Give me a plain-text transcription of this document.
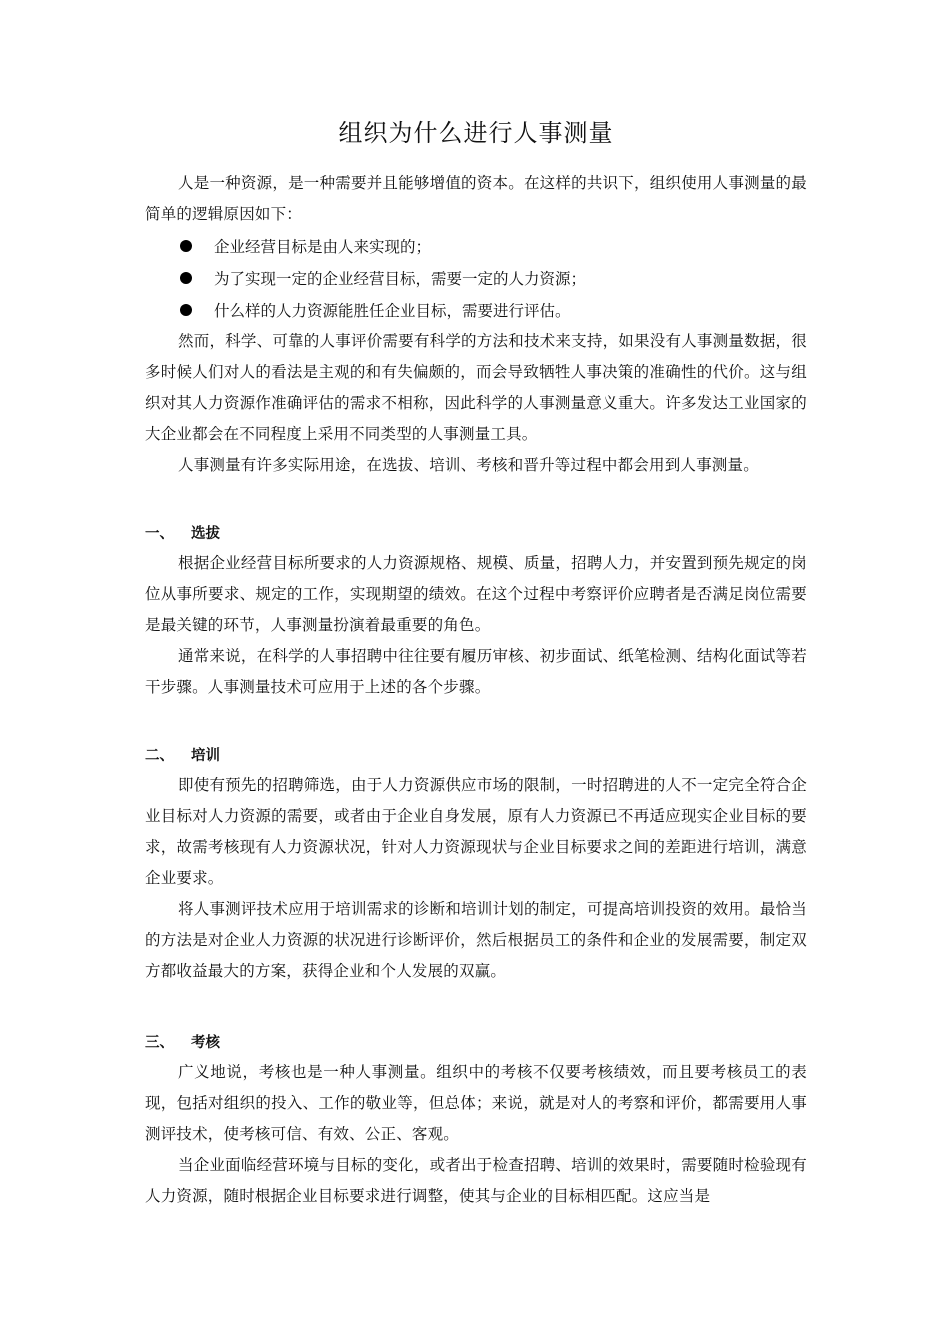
组织为什么进行人事测量

人是一种资源，是一种需要并且能够增值的资本。在这样的共识下，组织使用人事测量的最简单的逻辑原因如下：

企业经营目标是由人来实现的；
为了实现一定的企业经营目标，需要一定的人力资源；
什么样的人力资源能胜任企业目标，需要进行评估。

然而，科学、可靠的人事评价需要有科学的方法和技术来支持，如果没有人事测量数据，很多时候人们对人的看法是主观的和有失偏颇的，而会导致牺牲人事决策的准确性的代价。这与组织对其人力资源作准确评估的需求不相称，因此科学的人事测量意义重大。许多发达工业国家的大企业都会在不同程度上采用不同类型的人事测量工具。

人事测量有许多实际用途，在选拔、培训、考核和晋升等过程中都会用到人事测量。

一、	选拔

根据企业经营目标所要求的人力资源规格、规模、质量，招聘人力，并安置到预先规定的岗位从事所要求、规定的工作，实现期望的绩效。在这个过程中考察评价应聘者是否满足岗位需要是最关键的环节，人事测量扮演着最重要的角色。

通常来说，在科学的人事招聘中往往要有履历审核、初步面试、纸笔检测、结构化面试等若干步骤。人事测量技术可应用于上述的各个步骤。

二、	培训

即使有预先的招聘筛选，由于人力资源供应市场的限制，一时招聘进的人不一定完全符合企业目标对人力资源的需要，或者由于企业自身发展，原有人力资源已不再适应现实企业目标的要求，故需考核现有人力资源状况，针对人力资源现状与企业目标要求之间的差距进行培训，满意企业要求。

将人事测评技术应用于培训需求的诊断和培训计划的制定，可提高培训投资的效用。最恰当的方法是对企业人力资源的状况进行诊断评价，然后根据员工的条件和企业的发展需要，制定双方都收益最大的方案，获得企业和个人发展的双赢。

三、	考核

广义地说，考核也是一种人事测量。组织中的考核不仅要考核绩效，而且要考核员工的表现，包括对组织的投入、工作的敬业等，但总体；来说，就是对人的考察和评价，都需要用人事测评技术，使考核可信、有效、公正、客观。

当企业面临经营环境与目标的变化，或者出于检查招聘、培训的效果时，需要随时检验现有人力资源，随时根据企业目标要求进行调整，使其与企业的目标相匹配。这应当是
